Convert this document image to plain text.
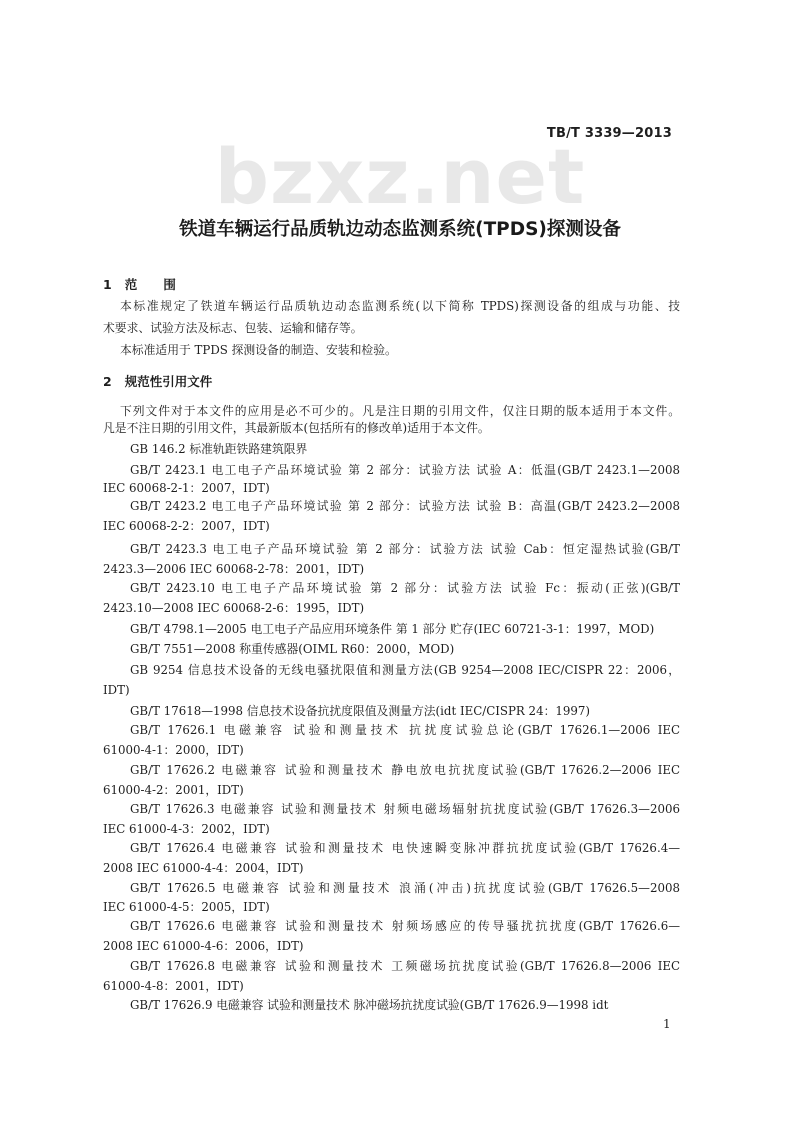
TB/T 3339—2013
bzxz.net
铁道车辆运行品质轨边动态监测系统(TPDS)探测设备
1   范      围
本标准规定了铁道车辆运行品质轨边动态监测系统(以下简称 TPDS)探测设备的组成与功能、技
术要求、试验方法及标志、包装、运输和储存等。
本标准适用于 TPDS 探测设备的制造、安装和检验。
2   规范性引用文件
下列文件对于本文件的应用是必不可少的。凡是注日期的引用文件，仅注日期的版本适用于本文件。
凡是不注日期的引用文件，其最新版本(包括所有的修改单)适用于本文件。
GB 146.2 标准轨距铁路建筑限界
GB/T 2423.1 电工电子产品环境试验 第 2 部分：试验方法 试验 A：低温(GB/T 2423.1—2008
IEC 60068-2-1：2007，IDT)
GB/T 2423.2 电工电子产品环境试验 第 2 部分：试验方法 试验 B：高温(GB/T 2423.2—2008
IEC 60068-2-2：2007，IDT)
GB/T 2423.3 电工电子产品环境试验 第 2 部分：试验方法 试验 Cab：恒定湿热试验(GB/T
2423.3—2006 IEC 60068-2-78：2001，IDT)
GB/T 2423.10 电工电子产品环境试验 第 2 部分：试验方法 试验 Fc：振动(正弦)(GB/T
2423.10—2008 IEC 60068-2-6：1995，IDT)
GB/T 4798.1—2005 电工电子产品应用环境条件 第 1 部分 贮存(IEC 60721-3-1：1997，MOD)
GB/T 7551—2008 称重传感器(OIML R60：2000，MOD)
GB 9254 信息技术设备的无线电骚扰限值和测量方法(GB 9254—2008 IEC/CISPR 22：2006，
IDT)
GB/T 17618—1998 信息技术设备抗扰度限值及测量方法(idt IEC/CISPR 24：1997)
GB/T 17626.1 电磁兼容 试验和测量技术 抗扰度试验总论(GB/T 17626.1—2006 IEC
61000-4-1：2000，IDT)
GB/T 17626.2 电磁兼容 试验和测量技术 静电放电抗扰度试验(GB/T 17626.2—2006 IEC
61000-4-2：2001，IDT)
GB/T 17626.3 电磁兼容 试验和测量技术 射频电磁场辐射抗扰度试验(GB/T 17626.3—2006
IEC 61000-4-3：2002，IDT)
GB/T 17626.4 电磁兼容 试验和测量技术 电快速瞬变脉冲群抗扰度试验(GB/T 17626.4—
2008 IEC 61000-4-4：2004，IDT)
GB/T 17626.5 电磁兼容 试验和测量技术 浪涌(冲击)抗扰度试验(GB/T 17626.5—2008
IEC 61000-4-5：2005，IDT)
GB/T 17626.6 电磁兼容 试验和测量技术 射频场感应的传导骚扰抗扰度(GB/T 17626.6—
2008 IEC 61000-4-6：2006，IDT)
GB/T 17626.8 电磁兼容 试验和测量技术 工频磁场抗扰度试验(GB/T 17626.8—2006 IEC
61000-4-8：2001，IDT)
GB/T 17626.9 电磁兼容 试验和测量技术 脉冲磁场抗扰度试验(GB/T 17626.9—1998 idt
1
